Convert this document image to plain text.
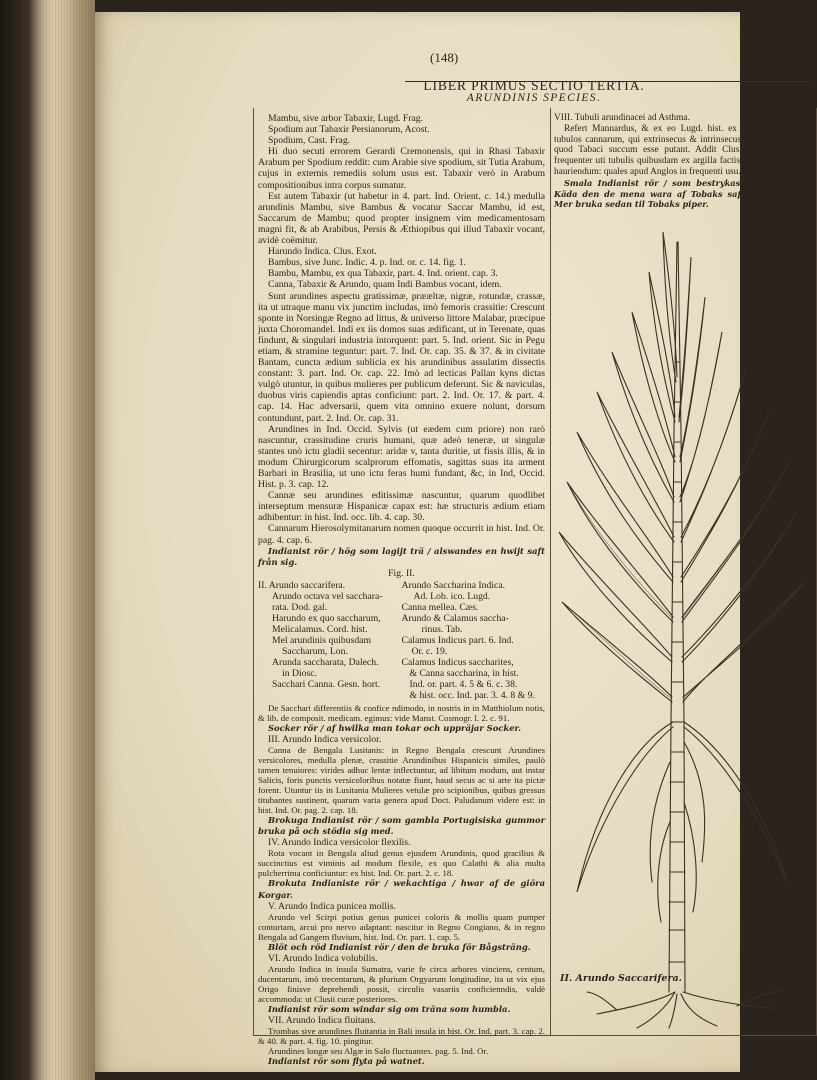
(148)
LIBER PRIMUS SECTIO TERTIA.
ARUNDINIS SPECIES.
Mambu, sive arbor Tabaxir, Lugd. Frag.
Spodium aut Tabaxir Persianorum, Acost.
Spodium, Cast. Frag.

Hi duo secuti errorem Gerardi Cremonensis, qui in Rhasi Tabaxir Arabum per Spodium reddit: cum Arabie sive spodium, sit Tutia Arabum, cujus in externis remediis solum usus est. Tabaxir verò in Arabum compositionibus intra corpus sumatur.

Est autem Tabaxir (ut habetur in 4. part. Ind. Orient. c. 14.) medulla arundinis Mambu, sive Bambus & vocatur Saccar Mambu, id est, Saccarum de Mambu; quod propter insignem vim medicamentosam magni fit, & ab Arabibus, Persis & Æthiopibus qui illud Tabaxir vocant, avidè coëmitur.

Harundo Indica. Clus. Exot.

Bambus, sive Junc. Indic. 4. p. Ind. or. c. 14. fig. 1.

Bambu, Mambu, ex qua Tabaxir, part. 4. Ind. orient. cap. 3.

Canna, Tabaxir & Arundo, quam Indi Bambus vocant, idem.

Sunt arundines aspectu gratissimæ, prææltæ, nigræ, rotundæ, crassæ, ita ut utraque manu vix junctim includas, imò femoris crassitie: Crescunt sponte in Norsingæ Regno ad littus, & universo littore Malabar, præcipue juxta Choromandel. Indi ex iis domos suas ædificant, ut in Terenate, quas findunt, & singulari industria intorquent: part. 5. Ind. orient. Sic in Pegu etiam, & stramine teguntur: part. 7. Ind. Or. cap. 35. & 37. & in civitate Bantam, cuncta ædium sublicia ex his arundinibus assulatim dissectis constant: 3. part. Ind. Or. cap. 22. Imò ad lecticas Pallan kyns dictas vulgò utuntur, in quibus mulieres per publicum deferunt. Sic & naviculas, duobus viris capiendis aptas conficiunt: part. 2. Ind. Or. 17. & part. 4. cap. 14. Hac adversarii, quem vita omnino exuere nolunt, dorsum contundunt, part. 2. Ind. Or. cap. 31.

Arundines in Ind. Occid. Sylvis (ut eædem cum priore) non rarò nascuntur, crassitudine cruris humani, quæ adeò teneræ, ut singulæ stantes unò ictu gladii secentur: aridæ v, tanta duritie, ut fissis illis, & in modum Chirurgicorum scalprorum effomatis, sagittas suas ita arment Barbari in Brasilia, ut uno ictu feras humi fundant, &c, in Ind, Occid. Hist. p. 3. cap. 12.

Cannæ seu arundines editissimæ nascuntur, quarum quodlibet interseptum mensuræ Hispanicæ capax est: hæ structuris ædium etiam adhibentur: in hist. Ind. occ. lib. 4. cap. 30.

Cannarum Hierosolymitanarum nomen quoque occurrit in hist. Ind. Or. pag. 4. cap. 6.

Indianist rör / hög som lagijt trä / alswandes en hwijt saft från sig.

Fig. II.
II. Arundo saccarifera.
Arundo octava vel sacchara-
rata. Dod. gal.
Harundo ex quo saccharum,
Melicalamus. Cord. hist.
Mel arundinis quibusdam
Saccharum, Lon.
Arunda saccharata, Dalech.
in Diosc.
Sacchari Canna. Gesn. hort.
Arundo Saccharina Indica.
Ad. Lob. ico. Lugd.
Canna mellea. Cæs.
Arundo & Calamus saccha-
rinus. Tab.
Calamus Indicus part. 6. Ind.
Or. c. 19.
Calamus Indicus saccharites,
& Canna saccharina, in hist.
Ind. or. part. 4. 5 & 6. c. 38.
& hist. occ. Ind. par. 3. 4. 8 & 9.

De Sacchari differentiis & confice ndimodo, in nostris in in Matthiolum notis, & lib. de composit. medicam. egimus: vide Manst. Cosmogr. l. 2. c. 91.

Socker rör / af hwilka man tokar och uppräjar Socker.

III. Arundo Indica versicolor.

Canna de Bengala Lusitanis: in Regno Bengala crescunt Arundines versicolores, medulla plenæ, crassitie Arundinibus Hispanicis similes, paulò tamen tenuiores: virides adhuc lentæ inflectuntur, ad libitum modum, aut instar Salicis, foris punctis versicoloribus notatæ fiunt, haud secus ac si arte ita pictæ forent. Utuntur iis in Lusitania Mulieres vetulæ pro scipionibus, quibus gressus titubantes sustinent, quarum varia genera apud Doct. Paludanum videre est: in hist. Ind. Or. pag. 2. cap. 18.

Brokuga Indianist rör / som gambla Portugisiska gummor bruka på och stödia sig med.

IV. Arundo Indica versicolor flexilis.

Rota vocant in Bengala aliud genus ejusdem Arundinis, quod gracilius & succinctius est viminis ad modum flexile, ex quo Calathi & alia multa pulcherrima conficiuntur: ex hist. Ind. Or. part. 2. c. 18.

Brokuta Indianiste rör / wekachtiga / hwar af de giöra Korgar.

V. Arundo Indica punicea mollis.

Arundo vel Scirpi potius genus punicei coloris & mollis quam pumper contortam, arcui pro nervo adaptant: nascitur in Regno Congiano, & in regno Bengala ad Gangem fluvium, hist. Ind. Or. part. 1. cap. 5.

Blöt och röd Indianist rör / den de bruka för Bågsträng.

VI. Arundo Indica volubilis.

Arundo Indica in insula Sumatra, varie fe circa arbores vinciens, centum, ducentarum, imò trecentarum, & plurium Orgyarum longitudine, ita ut vix ejus Origo finisve deprehendi possit, circulis vasariis conficienndis, valdè accommoda: ut Clusii curæ posteriores.

Indianist rör som windar sig om träna som humbla.

VII. Arundo Indica fluitans.

Trombas sive arundines fluitantia in Bali insula in hist. Or. Ind. part. 3. cap. 2. & 40. & part. 4. fig. 10. pingitur.

Arundines longæ seu Algæ in Salo fluctuantes. pag. 5. Ind. Or.

Indianist rör som flyta på watnet.

VIII. Tubuli arundinacei ad Asthma.

Refert Mannardus, & ex eo Lugd. hist. ex Hispaniola adferri tubulos cannarum, qui extrinsecus & intrinsecus gummi illiti sunt, quod Tabaci succum esse putant. Addit Clus. incolas Virginiæ frequenter uti tubulis quibusdam ex argilla factis, ad Tabaci fumum hauriendum: quales apud Anglos in frequenti usu.

Smala Indianist rör / som bestrykas med ett slags Käda den de mena wara af Tobaks saft giord, hwilka Mer bruka sedan til Tobaks piper.

II. Arundo Saccarifera.
